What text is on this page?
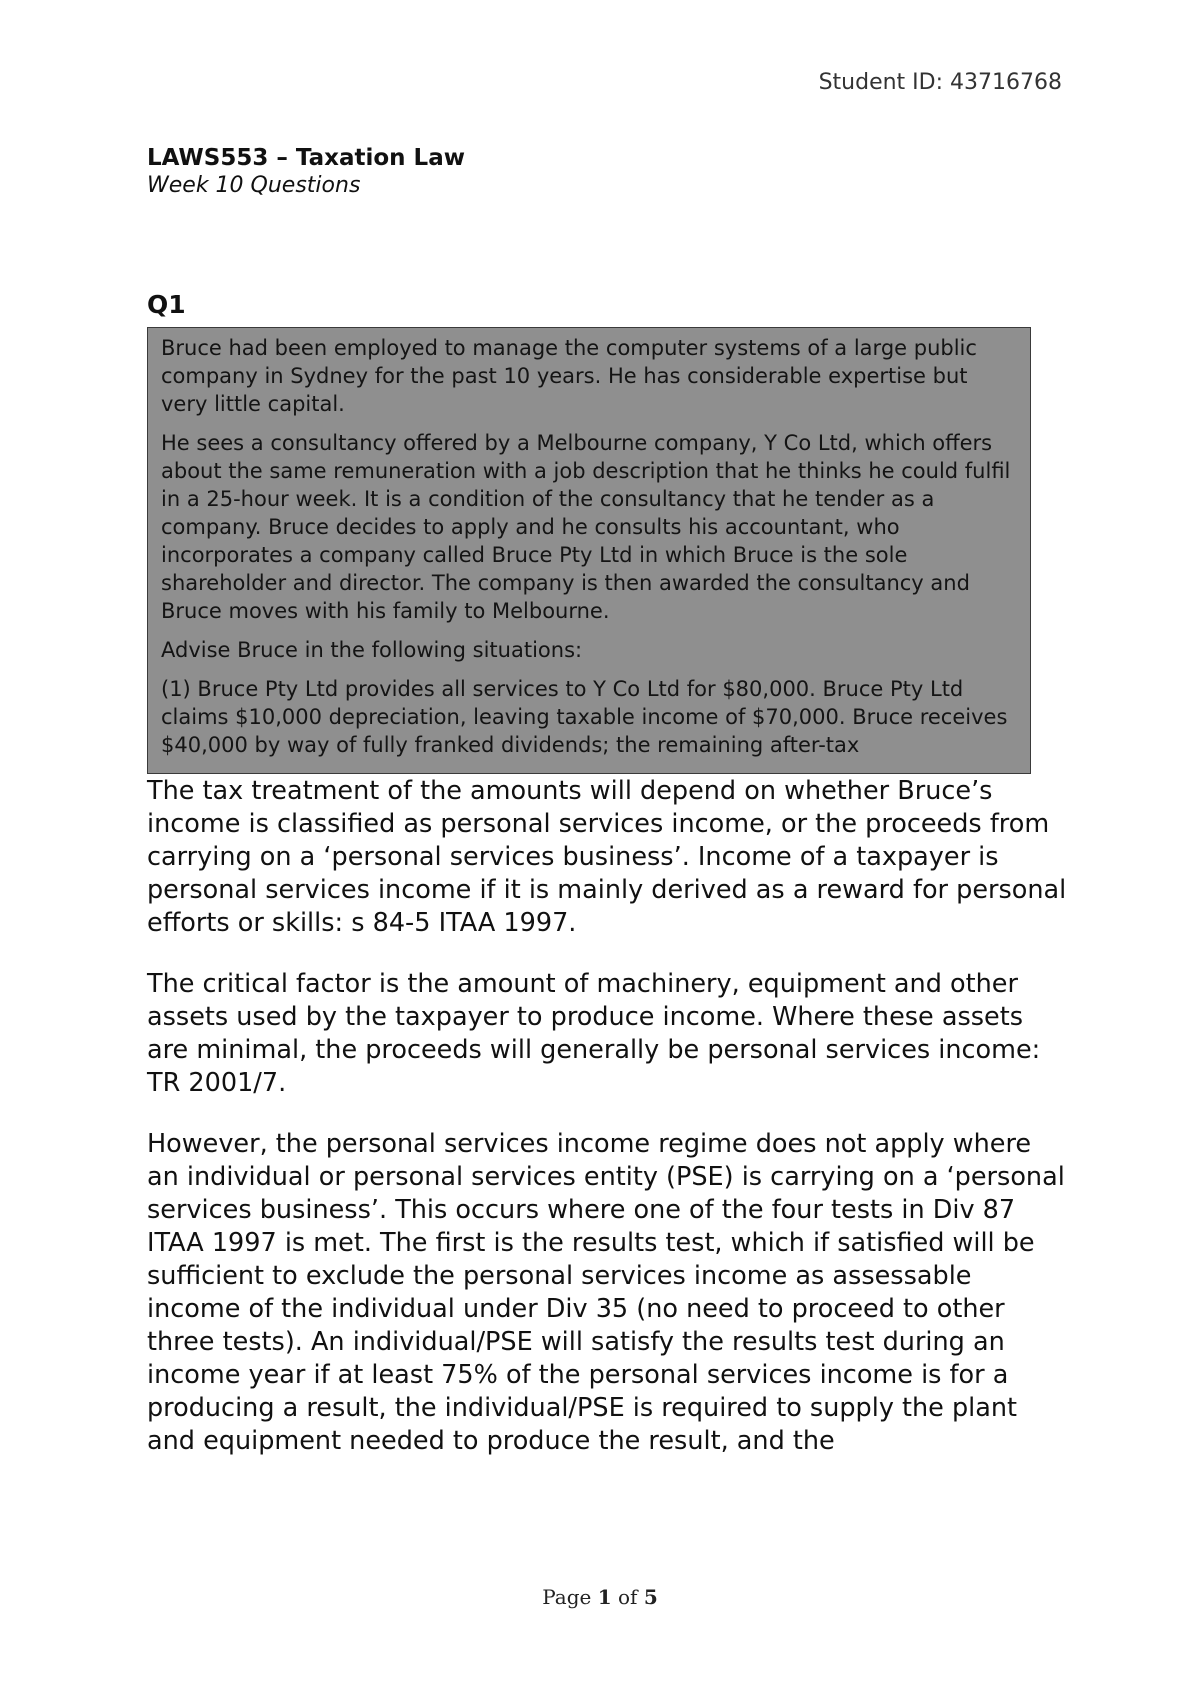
Student ID: 43716768
LAWS553 – Taxation Law
Week 10 Questions
Q1

Bruce had been employed to manage the computer systems of a large public company in Sydney for the past 10 years. He has considerable expertise but very little capital.

He sees a consultancy offered by a Melbourne company, Y Co Ltd, which offers about the same remuneration with a job description that he thinks he could fulfil in a 25-hour week. It is a condition of the consultancy that he tender as a company. Bruce decides to apply and he consults his accountant, who incorporates a company called Bruce Pty Ltd in which Bruce is the sole shareholder and director. The company is then awarded the consultancy and Bruce moves with his family to Melbourne.

Advise Bruce in the following situations:

(1) Bruce Pty Ltd provides all services to Y Co Ltd for $80,000. Bruce Pty Ltd claims $10,000 depreciation, leaving taxable income of $70,000. Bruce receives $40,000 by way of fully franked dividends; the remaining after-tax

The tax treatment of the amounts will depend on whether Bruce’s income is classified as personal services income, or the proceeds from carrying on a ‘personal services business’. Income of a taxpayer is personal services income if it is mainly derived as a reward for personal efforts or skills: s 84-5 ITAA 1997.

The critical factor is the amount of machinery, equipment and other assets used by the taxpayer to produce income. Where these assets are minimal, the proceeds will generally be personal services income: TR 2001/7.

However, the personal services income regime does not apply where an individual or personal services entity (PSE) is carrying on a ‘personal services business’. This occurs where one of the four tests in Div 87 ITAA 1997 is met. The first is the results test, which if satisfied will be sufficient to exclude the personal services income as assessable income of the individual under Div 35 (no need to proceed to other three tests). An individual/PSE will satisfy the results test during an income year if at least 75% of the personal services income is for a producing a result, the individual/PSE is required to supply the plant and equipment needed to produce the result, and the

Page 1 of 5
